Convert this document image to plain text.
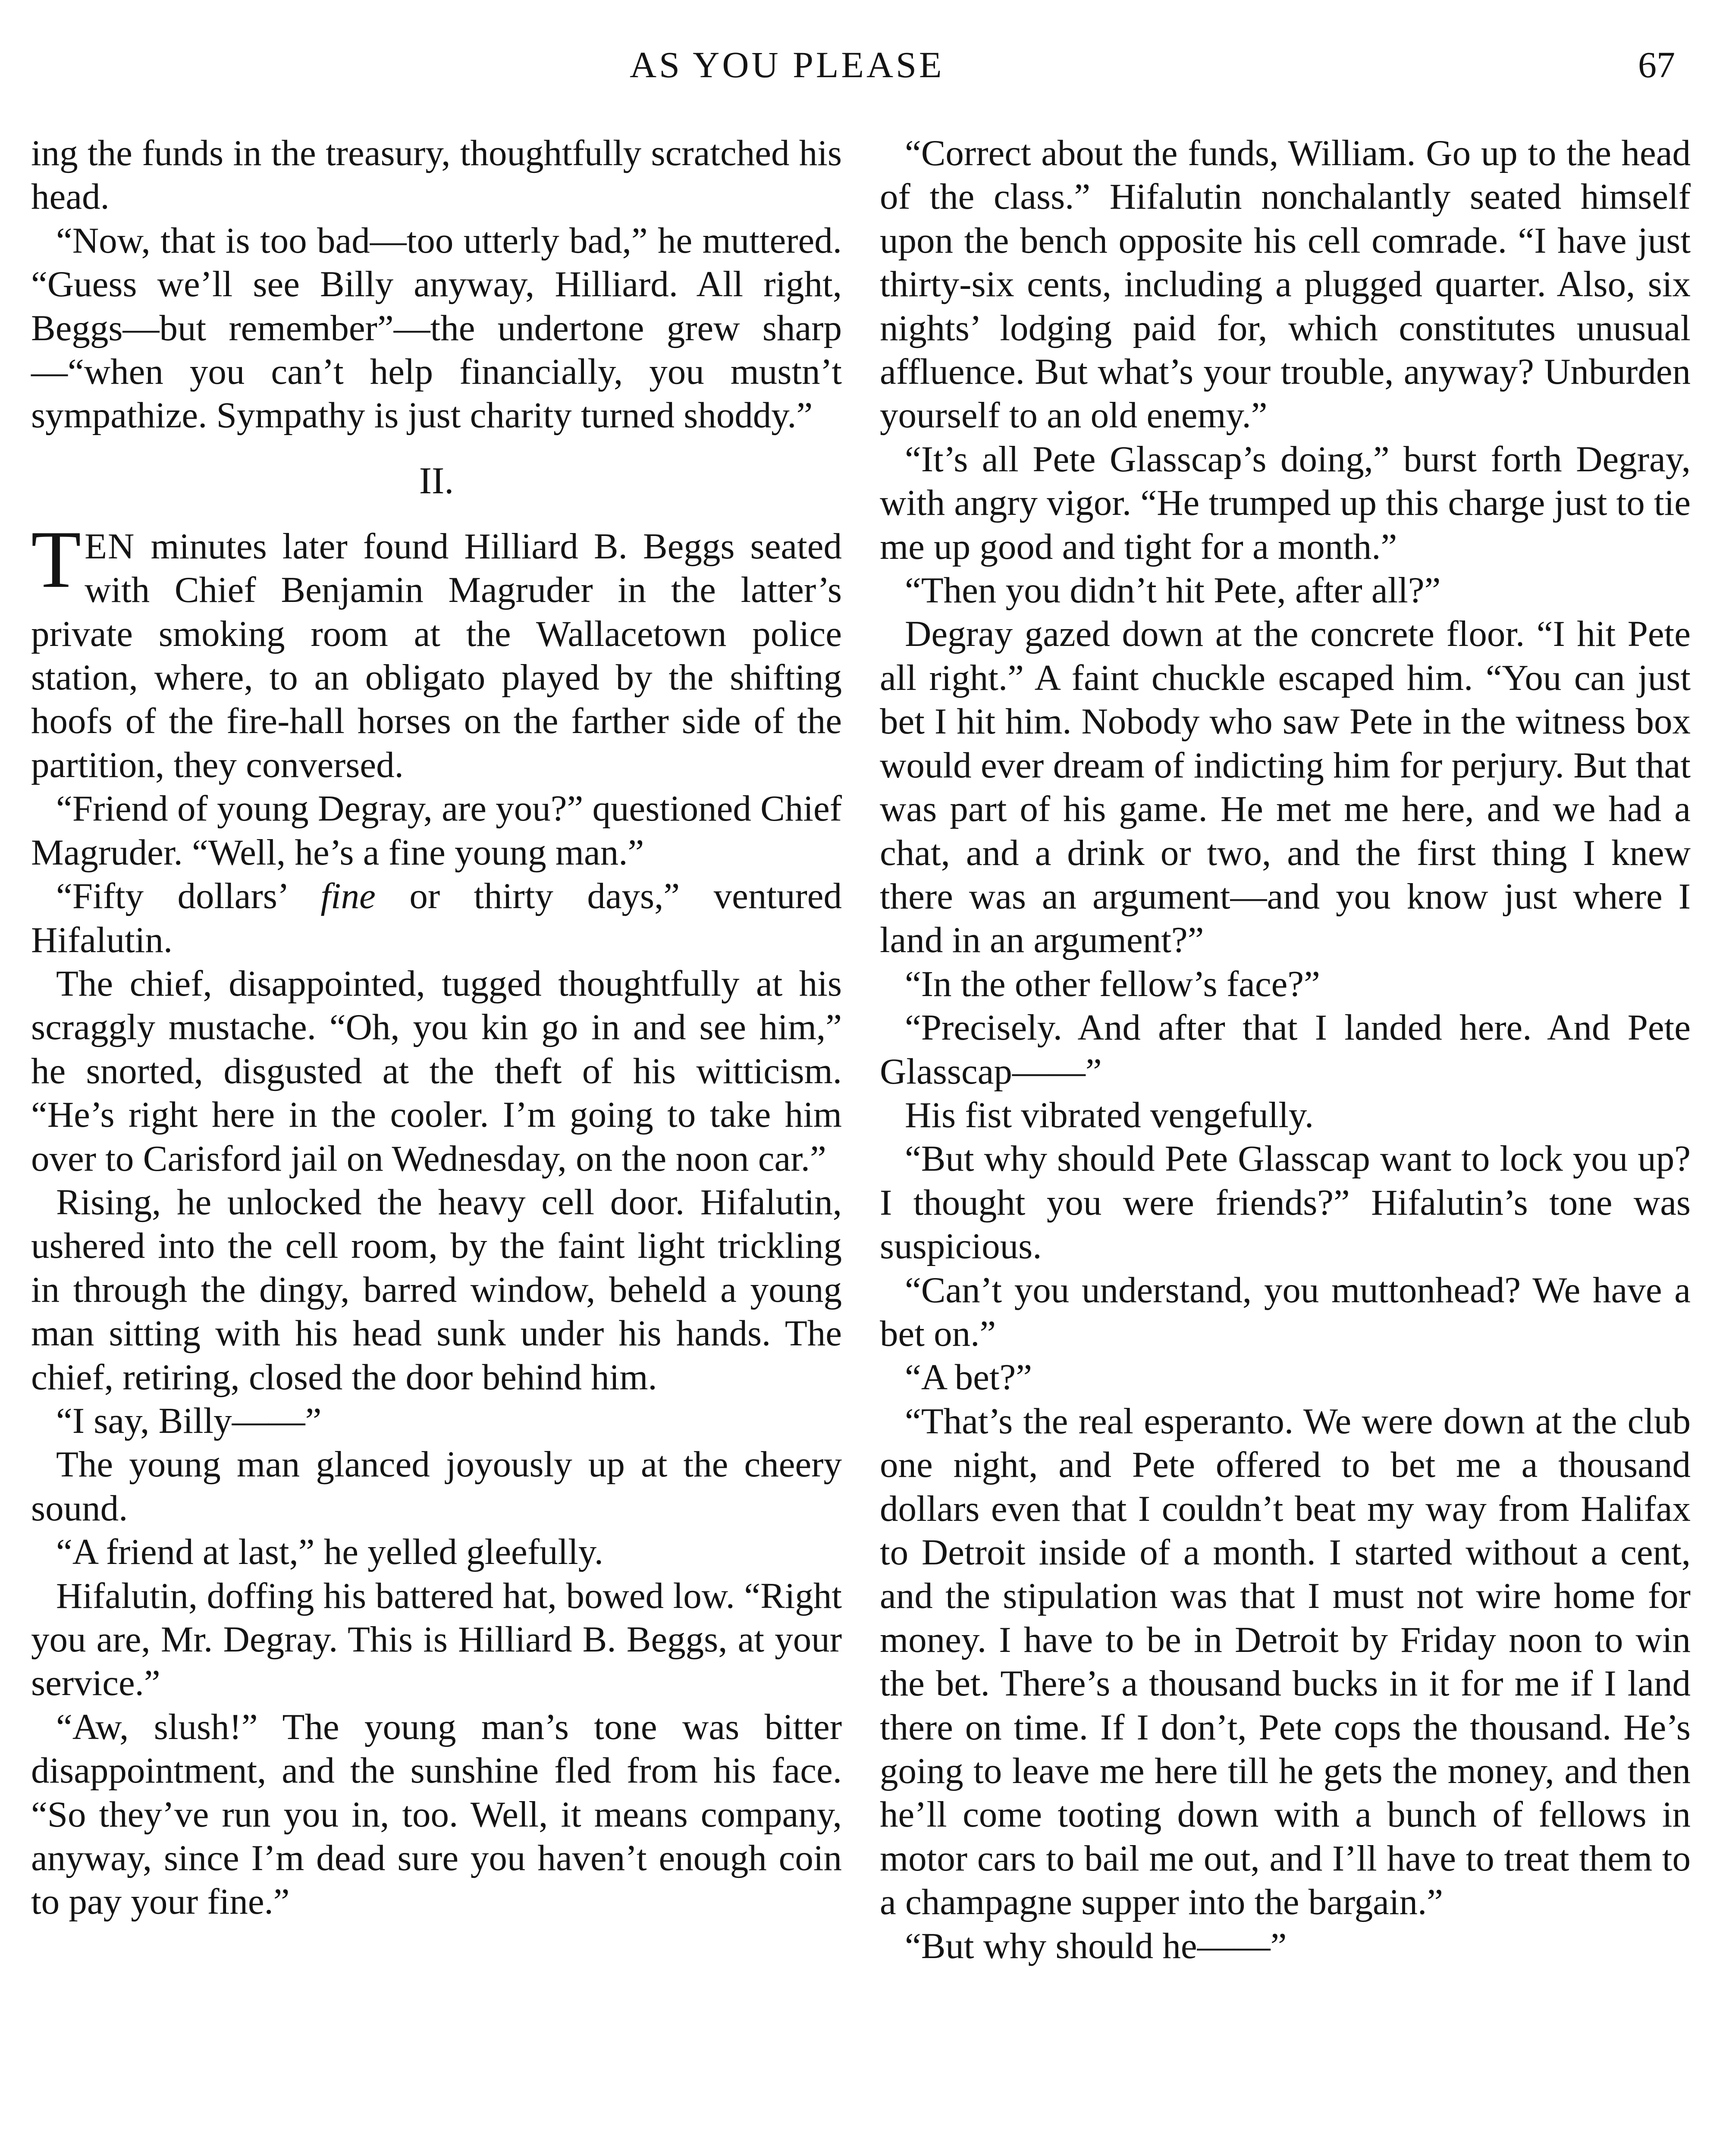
AS YOU PLEASE	67

ing the funds in the treasury, thoughtfully scratched his head.

“Now, that is too bad—too utterly bad,” he muttered. “Guess we’ll see Billy anyway, Hilliard. All right, Beggs—but remember”—the undertone grew sharp—“when you can’t help financially, you mustn’t sympathize. Sympathy is just charity turned shoddy.”

II.

TEN minutes later found Hilliard B. Beggs seated with Chief Benjamin Magruder in the latter’s private smoking room at the Wallacetown police station, where, to an obligato played by the shifting hoofs of the fire-hall horses on the farther side of the partition, they conversed.

“Friend of young Degray, are you?” questioned Chief Magruder. “Well, he’s a fine young man.”

“Fifty dollars’ fine or thirty days,” ventured Hifalutin.

The chief, disappointed, tugged thoughtfully at his scraggly mustache. “Oh, you kin go in and see him,” he snorted, disgusted at the theft of his witticism. “He’s right here in the cooler. I’m going to take him over to Carisford jail on Wednesday, on the noon car.”

Rising, he unlocked the heavy cell door. Hifalutin, ushered into the cell room, by the faint light trickling in through the dingy, barred window, beheld a young man sitting with his head sunk under his hands. The chief, retiring, closed the door behind him.

“I say, Billy——”

The young man glanced joyously up at the cheery sound.

“A friend at last,” he yelled gleefully.

Hifalutin, doffing his battered hat, bowed low. “Right you are, Mr. Degray. This is Hilliard B. Beggs, at your service.”

“Aw, slush!” The young man’s tone was bitter disappointment, and the sunshine fled from his face. “So they’ve run you in, too. Well, it means company, anyway, since I’m dead sure you haven’t enough coin to pay your fine.”

“Correct about the funds, William. Go up to the head of the class.” Hifalutin nonchalantly seated himself upon the bench opposite his cell comrade. “I have just thirty-six cents, including a plugged quarter. Also, six nights’ lodging paid for, which constitutes unusual affluence. But what’s your trouble, anyway? Unburden yourself to an old enemy.”

“It’s all Pete Glasscap’s doing,” burst forth Degray, with angry vigor. “He trumped up this charge just to tie me up good and tight for a month.”

“Then you didn’t hit Pete, after all?”

Degray gazed down at the concrete floor. “I hit Pete all right.” A faint chuckle escaped him. “You can just bet I hit him. Nobody who saw Pete in the witness box would ever dream of indicting him for perjury. But that was part of his game. He met me here, and we had a chat, and a drink or two, and the first thing I knew there was an argument—and you know just where I land in an argument?”

“In the other fellow’s face?”

“Precisely. And after that I landed here. And Pete Glasscap——”

His fist vibrated vengefully.

“But why should Pete Glasscap want to lock you up? I thought you were friends?” Hifalutin’s tone was suspicious.

“Can’t you understand, you muttonhead? We have a bet on.”

“A bet?”

“That’s the real esperanto. We were down at the club one night, and Pete offered to bet me a thousand dollars even that I couldn’t beat my way from Halifax to Detroit inside of a month. I started without a cent, and the stipulation was that I must not wire home for money. I have to be in Detroit by Friday noon to win the bet. There’s a thousand bucks in it for me if I land there on time. If I don’t, Pete cops the thousand. He’s going to leave me here till he gets the money, and then he’ll come tooting down with a bunch of fellows in motor cars to bail me out, and I’ll have to treat them to a champagne supper into the bargain.”

“But why should he——”
